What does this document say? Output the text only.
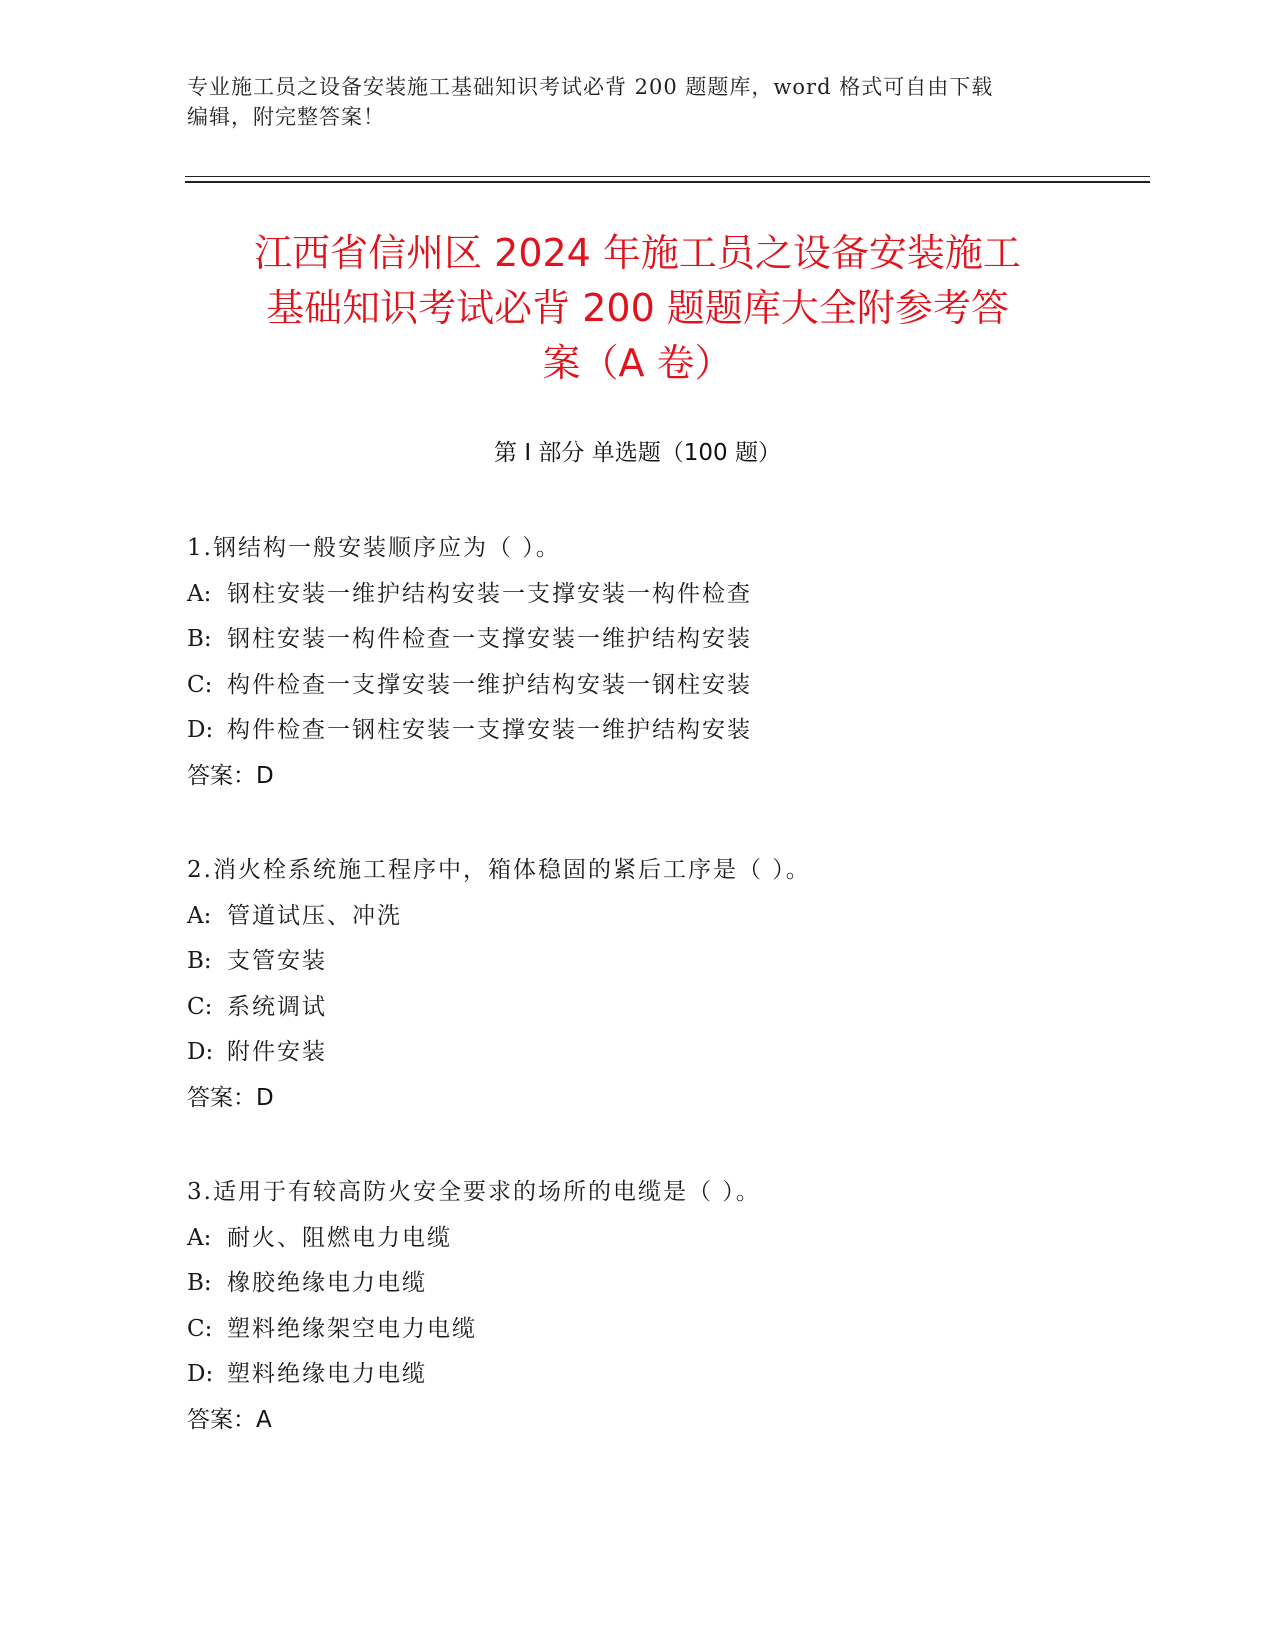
专业施工员之设备安装施工基础知识考试必背 200 题题库，word 格式可自由下载
编辑，附完整答案！
江西省信州区 2024 年施工员之设备安装施工
基础知识考试必背 200 题题库大全附参考答
案（A 卷）
第 I 部分 单选题（100 题）
1.钢结构一般安装顺序应为（ ）。
A: 钢柱安装一维护结构安装一支撑安装一构件检查
B: 钢柱安装一构件检查一支撑安装一维护结构安装
C: 构件检查一支撑安装一维护结构安装一钢柱安装
D: 构件检查一钢柱安装一支撑安装一维护结构安装
答案：D
2.消火栓系统施工程序中，箱体稳固的紧后工序是（ ）。
A: 管道试压、冲洗
B: 支管安装
C: 系统调试
D: 附件安装
答案：D
3.适用于有较高防火安全要求的场所的电缆是（ ）。
A: 耐火、阻燃电力电缆
B: 橡胶绝缘电力电缆
C: 塑料绝缘架空电力电缆
D: 塑料绝缘电力电缆
答案：A
